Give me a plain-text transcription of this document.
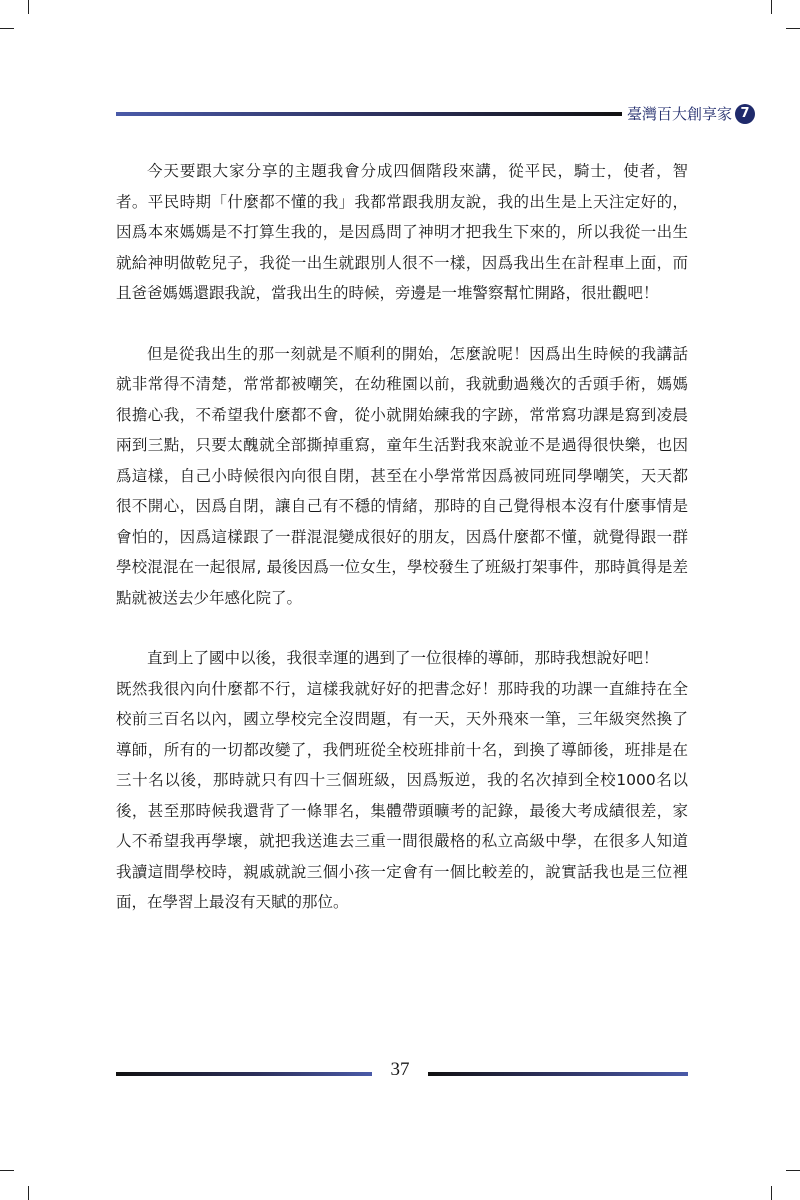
臺灣百大創享家 7

今天要跟大家分享的主題我會分成四個階段來講，從平民，騎士，使者，智者。平民時期「什麼都不懂的我」我都常跟我朋友說，我的出生是上天注定好的，因爲本來媽媽是不打算生我的，是因爲問了神明才把我生下來的，所以我從一出生就給神明做乾兒子，我從一出生就跟別人很不一樣，因爲我出生在計程車上面，而且爸爸媽媽還跟我說，當我出生的時候，旁邊是一堆警察幫忙開路，很壯觀吧！

但是從我出生的那一刻就是不順利的開始，怎麼說呢！因爲出生時候的我講話就非常得不清楚，常常都被嘲笑，在幼稚園以前，我就動過幾次的舌頭手術，媽媽很擔心我，不希望我什麼都不會，從小就開始練我的字跡，常常寫功課是寫到凌晨兩到三點，只要太醜就全部撕掉重寫，童年生活對我來說並不是過得很快樂，也因爲這樣，自己小時候很內向很自閉，甚至在小學常常因爲被同班同學嘲笑，天天都很不開心，因爲自閉，讓自己有不穩的情緒，那時的自己覺得根本沒有什麼事情是會怕的，因爲這樣跟了一群混混變成很好的朋友，因爲什麼都不懂，就覺得跟一群學校混混在一起很屌, 最後因爲一位女生，學校發生了班級打架事件，那時眞得是差點就被送去少年感化院了。

直到上了國中以後，我很幸運的遇到了一位很棒的導師，那時我想說好吧！
既然我很內向什麼都不行，這樣我就好好的把書念好！那時我的功課一直維持在全校前三百名以內，國立學校完全沒問題，有一天，天外飛來一筆，三年級突然換了導師，所有的一切都改變了，我們班從全校班排前十名，到換了導師後，班排是在三十名以後，那時就只有四十三個班級，因爲叛逆，我的名次掉到全校1000名以後，甚至那時候我還背了一條罪名，集體帶頭曠考的記錄，最後大考成績很差，家人不希望我再學壞，就把我送進去三重一間很嚴格的私立高級中學，在很多人知道我讀這間學校時，親戚就說三個小孩一定會有一個比較差的，說實話我也是三位裡面，在學習上最沒有天賦的那位。
37
